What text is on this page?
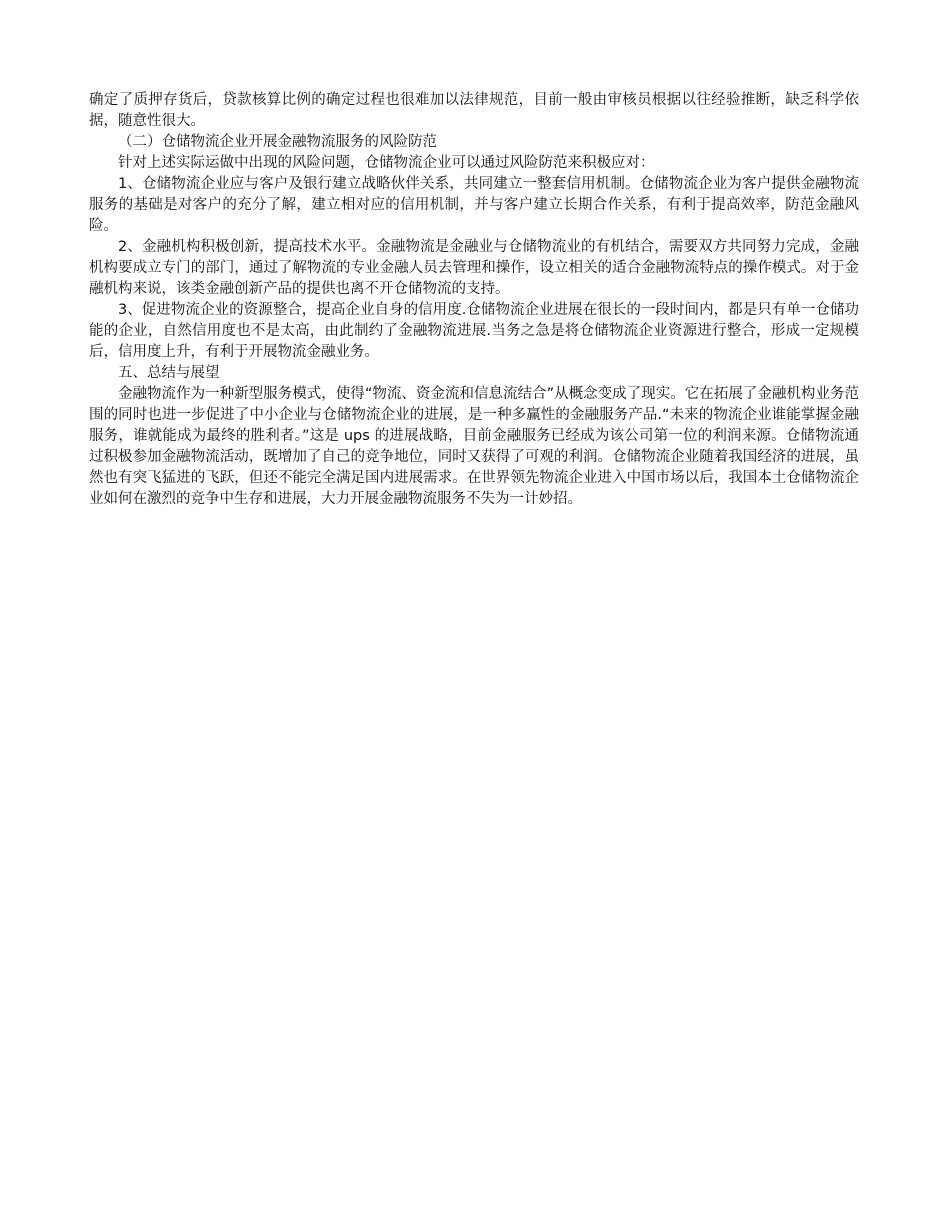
确定了质押存货后，贷款核算比例的确定过程也很难加以法律规范，目前一般由审核员根据以往经验推断，缺乏科学依据，随意性很大。

（二）仓储物流企业开展金融物流服务的风险防范

针对上述实际运做中出现的风险问题，仓储物流企业可以通过风险防范来积极应对：

1、仓储物流企业应与客户及银行建立战略伙伴关系，共同建立一整套信用机制。仓储物流企业为客户提供金融物流服务的基础是对客户的充分了解，建立相对应的信用机制，并与客户建立长期合作关系，有利于提高效率，防范金融风险。

2、金融机构积极创新，提高技术水平。金融物流是金融业与仓储物流业的有机结合，需要双方共同努力完成，金融机构要成立专门的部门，通过了解物流的专业金融人员去管理和操作，设立相关的适合金融物流特点的操作模式。对于金融机构来说，该类金融创新产品的提供也离不开仓储物流的支持。

3、促进物流企业的资源整合，提高企业自身的信用度.仓储物流企业进展在很长的一段时间内，都是只有单一仓储功能的企业，自然信用度也不是太高，由此制约了金融物流进展.当务之急是将仓储物流企业资源进行整合，形成一定规模后，信用度上升，有利于开展物流金融业务。

五、总结与展望

金融物流作为一种新型服务模式，使得“物流、资金流和信息流结合”从概念变成了现实。它在拓展了金融机构业务范围的同时也进一步促进了中小企业与仓储物流企业的进展，是一种多赢性的金融服务产品.“未来的物流企业谁能掌握金融服务，谁就能成为最终的胜利者。”这是 ups 的进展战略，目前金融服务已经成为该公司第一位的利润来源。仓储物流通过积极参加金融物流活动，既增加了自己的竞争地位，同时又获得了可观的利润。仓储物流企业随着我国经济的进展，虽然也有突飞猛进的飞跃，但还不能完全满足国内进展需求。在世界领先物流企业进入中国市场以后，我国本土仓储物流企业如何在激烈的竞争中生存和进展，大力开展金融物流服务不失为一计妙招。
